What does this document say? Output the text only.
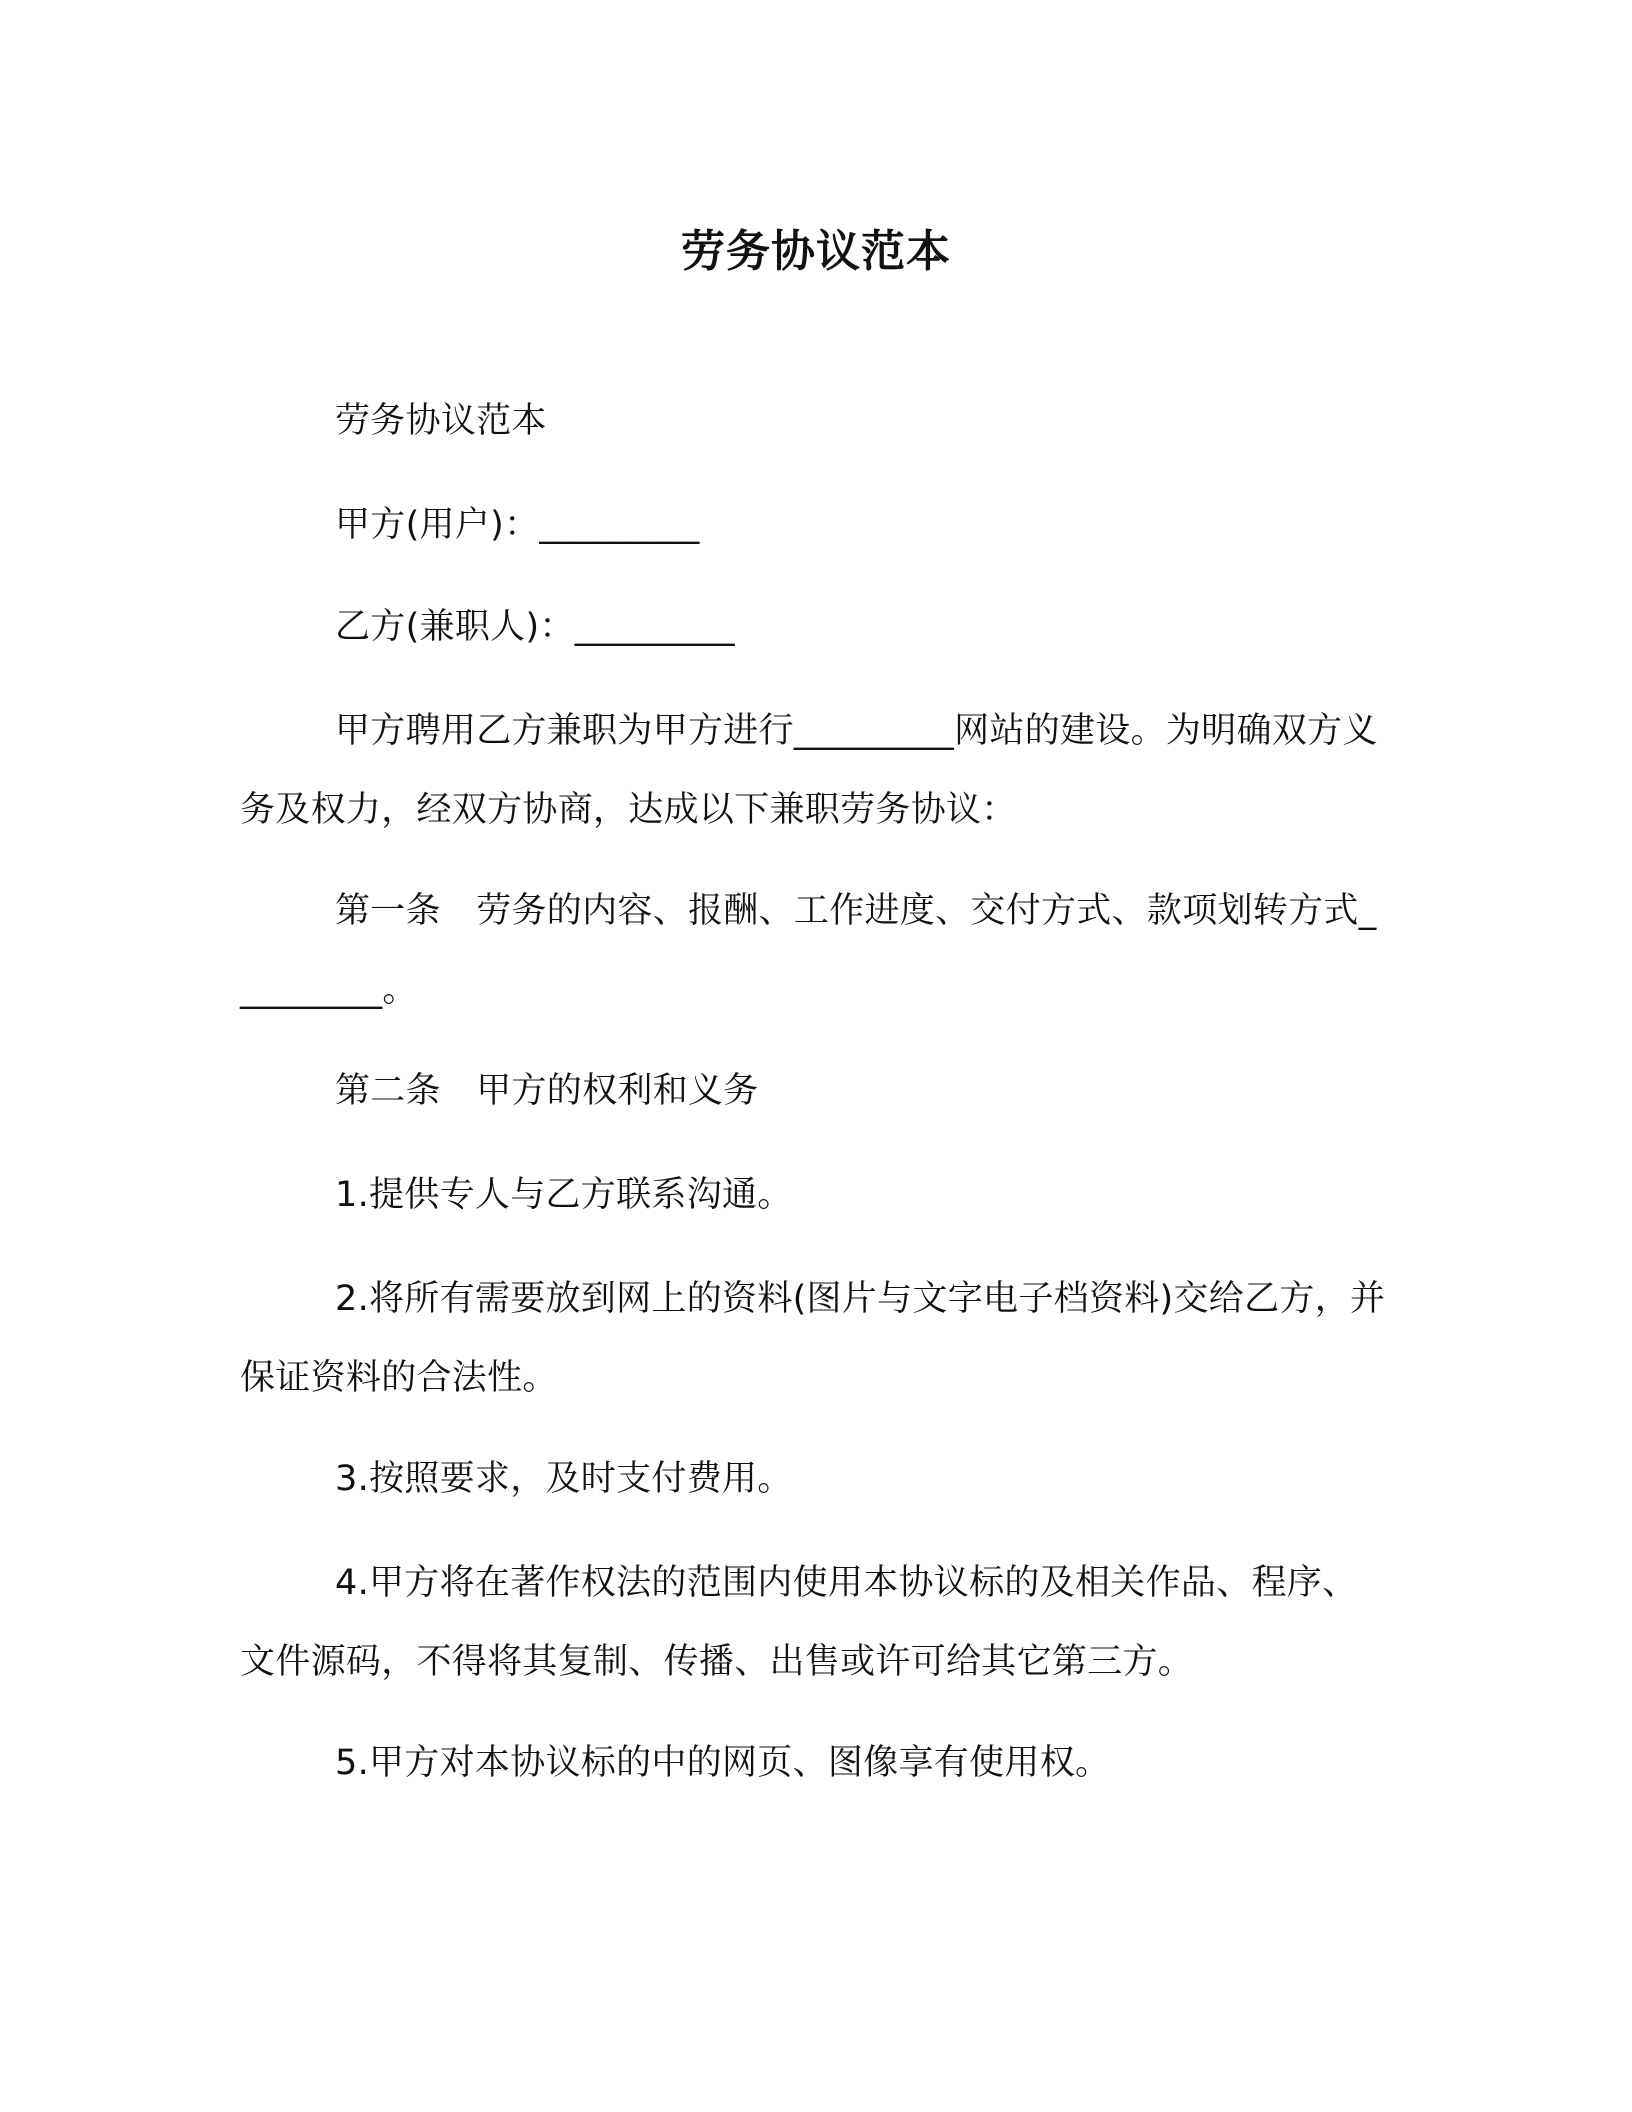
劳务协议范本

劳务协议范本

甲方(用户)：_________

乙方(兼职人)：_________

甲方聘用乙方兼职为甲方进行_________网站的建设。为明确双方义务及权力，经双方协商，达成以下兼职劳务协议：

第一条　劳务的内容、报酬、工作进度、交付方式、款项划转方式_________。

第二条　甲方的权利和义务

1.提供专人与乙方联系沟通。

2.将所有需要放到网上的资料(图片与文字电子档资料)交给乙方，并保证资料的合法性。

3.按照要求，及时支付费用。

4.甲方将在著作权法的范围内使用本协议标的及相关作品、程序、文件源码，不得将其复制、传播、出售或许可给其它第三方。

5.甲方对本协议标的中的网页、图像享有使用权。
